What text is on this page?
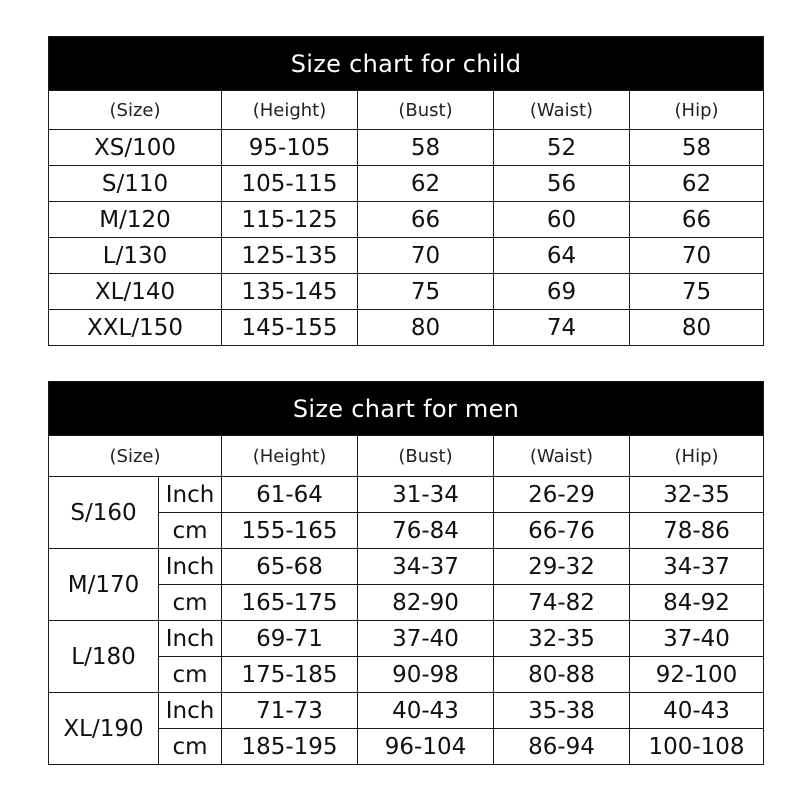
Size chart for child				
(Size)	(Height)	(Bust)	(Waist)	(Hip)
XS/100	95-105	58	52	58
S/110	105-115	62	56	62
M/120	115-125	66	60	66
L/130	125-135	70	64	70
XL/140	135-145	75	69	75
XXL/150	145-155	80	74	80
Size chart for men					
(Size)		(Height)	(Bust)	(Waist)	(Hip)
S/160	Inch	61-64	31-34	26-29	32-35
	cm	155-165	76-84	66-76	78-86
M/170	Inch	65-68	34-37	29-32	34-37
	cm	165-175	82-90	74-82	84-92
L/180	Inch	69-71	37-40	32-35	37-40
	cm	175-185	90-98	80-88	92-100
XL/190	Inch	71-73	40-43	35-38	40-43
	cm	185-195	96-104	86-94	100-108
